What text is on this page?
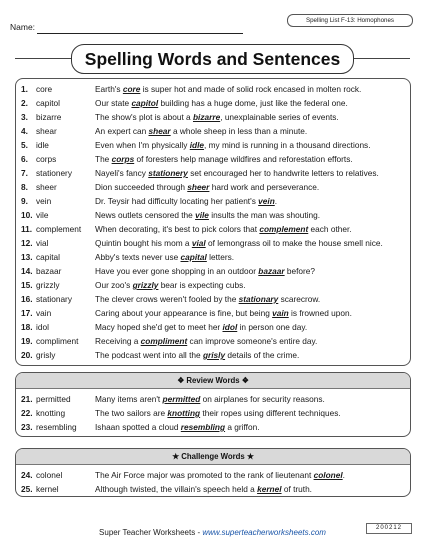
Name:
Spelling List F-13: Homophones
Spelling Words and Sentences
1. core	Earth's core is super hot and made of solid rock encased in molten rock.
2. capitol	Our state capitol building has a huge dome, just like the federal one.
3. bizarre	The show's plot is about a bizarre, unexplainable series of events.
4. shear	An expert can shear a whole sheep in less than a minute.
5. idle	Even when I'm physically idle, my mind is running in a thousand directions.
6. corps	The corps of foresters help manage wildfires and reforestation efforts.
7. stationery	Nayeli's fancy stationery set encouraged her to handwrite letters to relatives.
8. sheer	Dion succeeded through sheer hard work and perseverance.
9. vein	Dr. Teysir had difficulty locating her patient's vein.
10. vile	News outlets censored the vile insults the man was shouting.
11. complement When decorating, it's best to pick colors that complement each other.
12. vial	Quintin bought his mom a vial of lemongrass oil to make the house smell nice.
13. capital	Abby's texts never use capital letters.
14. bazaar	Have you ever gone shopping in an outdoor bazaar before?
15. grizzly	Our zoo's grizzly bear is expecting cubs.
16. stationary	The clever crows weren't fooled by the stationary scarecrow.
17. vain	Caring about your appearance is fine, but being vain is frowned upon.
18. idol	Macy hoped she'd get to meet her idol in person one day.
19. compliment Receiving a compliment can improve someone's entire day.
20. grisly	The podcast went into all the grisly details of the crime.
❖ Review Words ❖
21. permitted	Many items aren't permitted on airplanes for security reasons.
22. knotting	The two sailors are knotting their ropes using different techniques.
23. resembling Ishaan spotted a cloud resembling a griffon.
★ Challenge Words ★
24. colonel	The Air Force major was promoted to the rank of lieutenant colonel.
25. kernel	Although twisted, the villain's speech held a kernel of truth.
Super Teacher Worksheets - www.superteacherworksheets.com	200212
